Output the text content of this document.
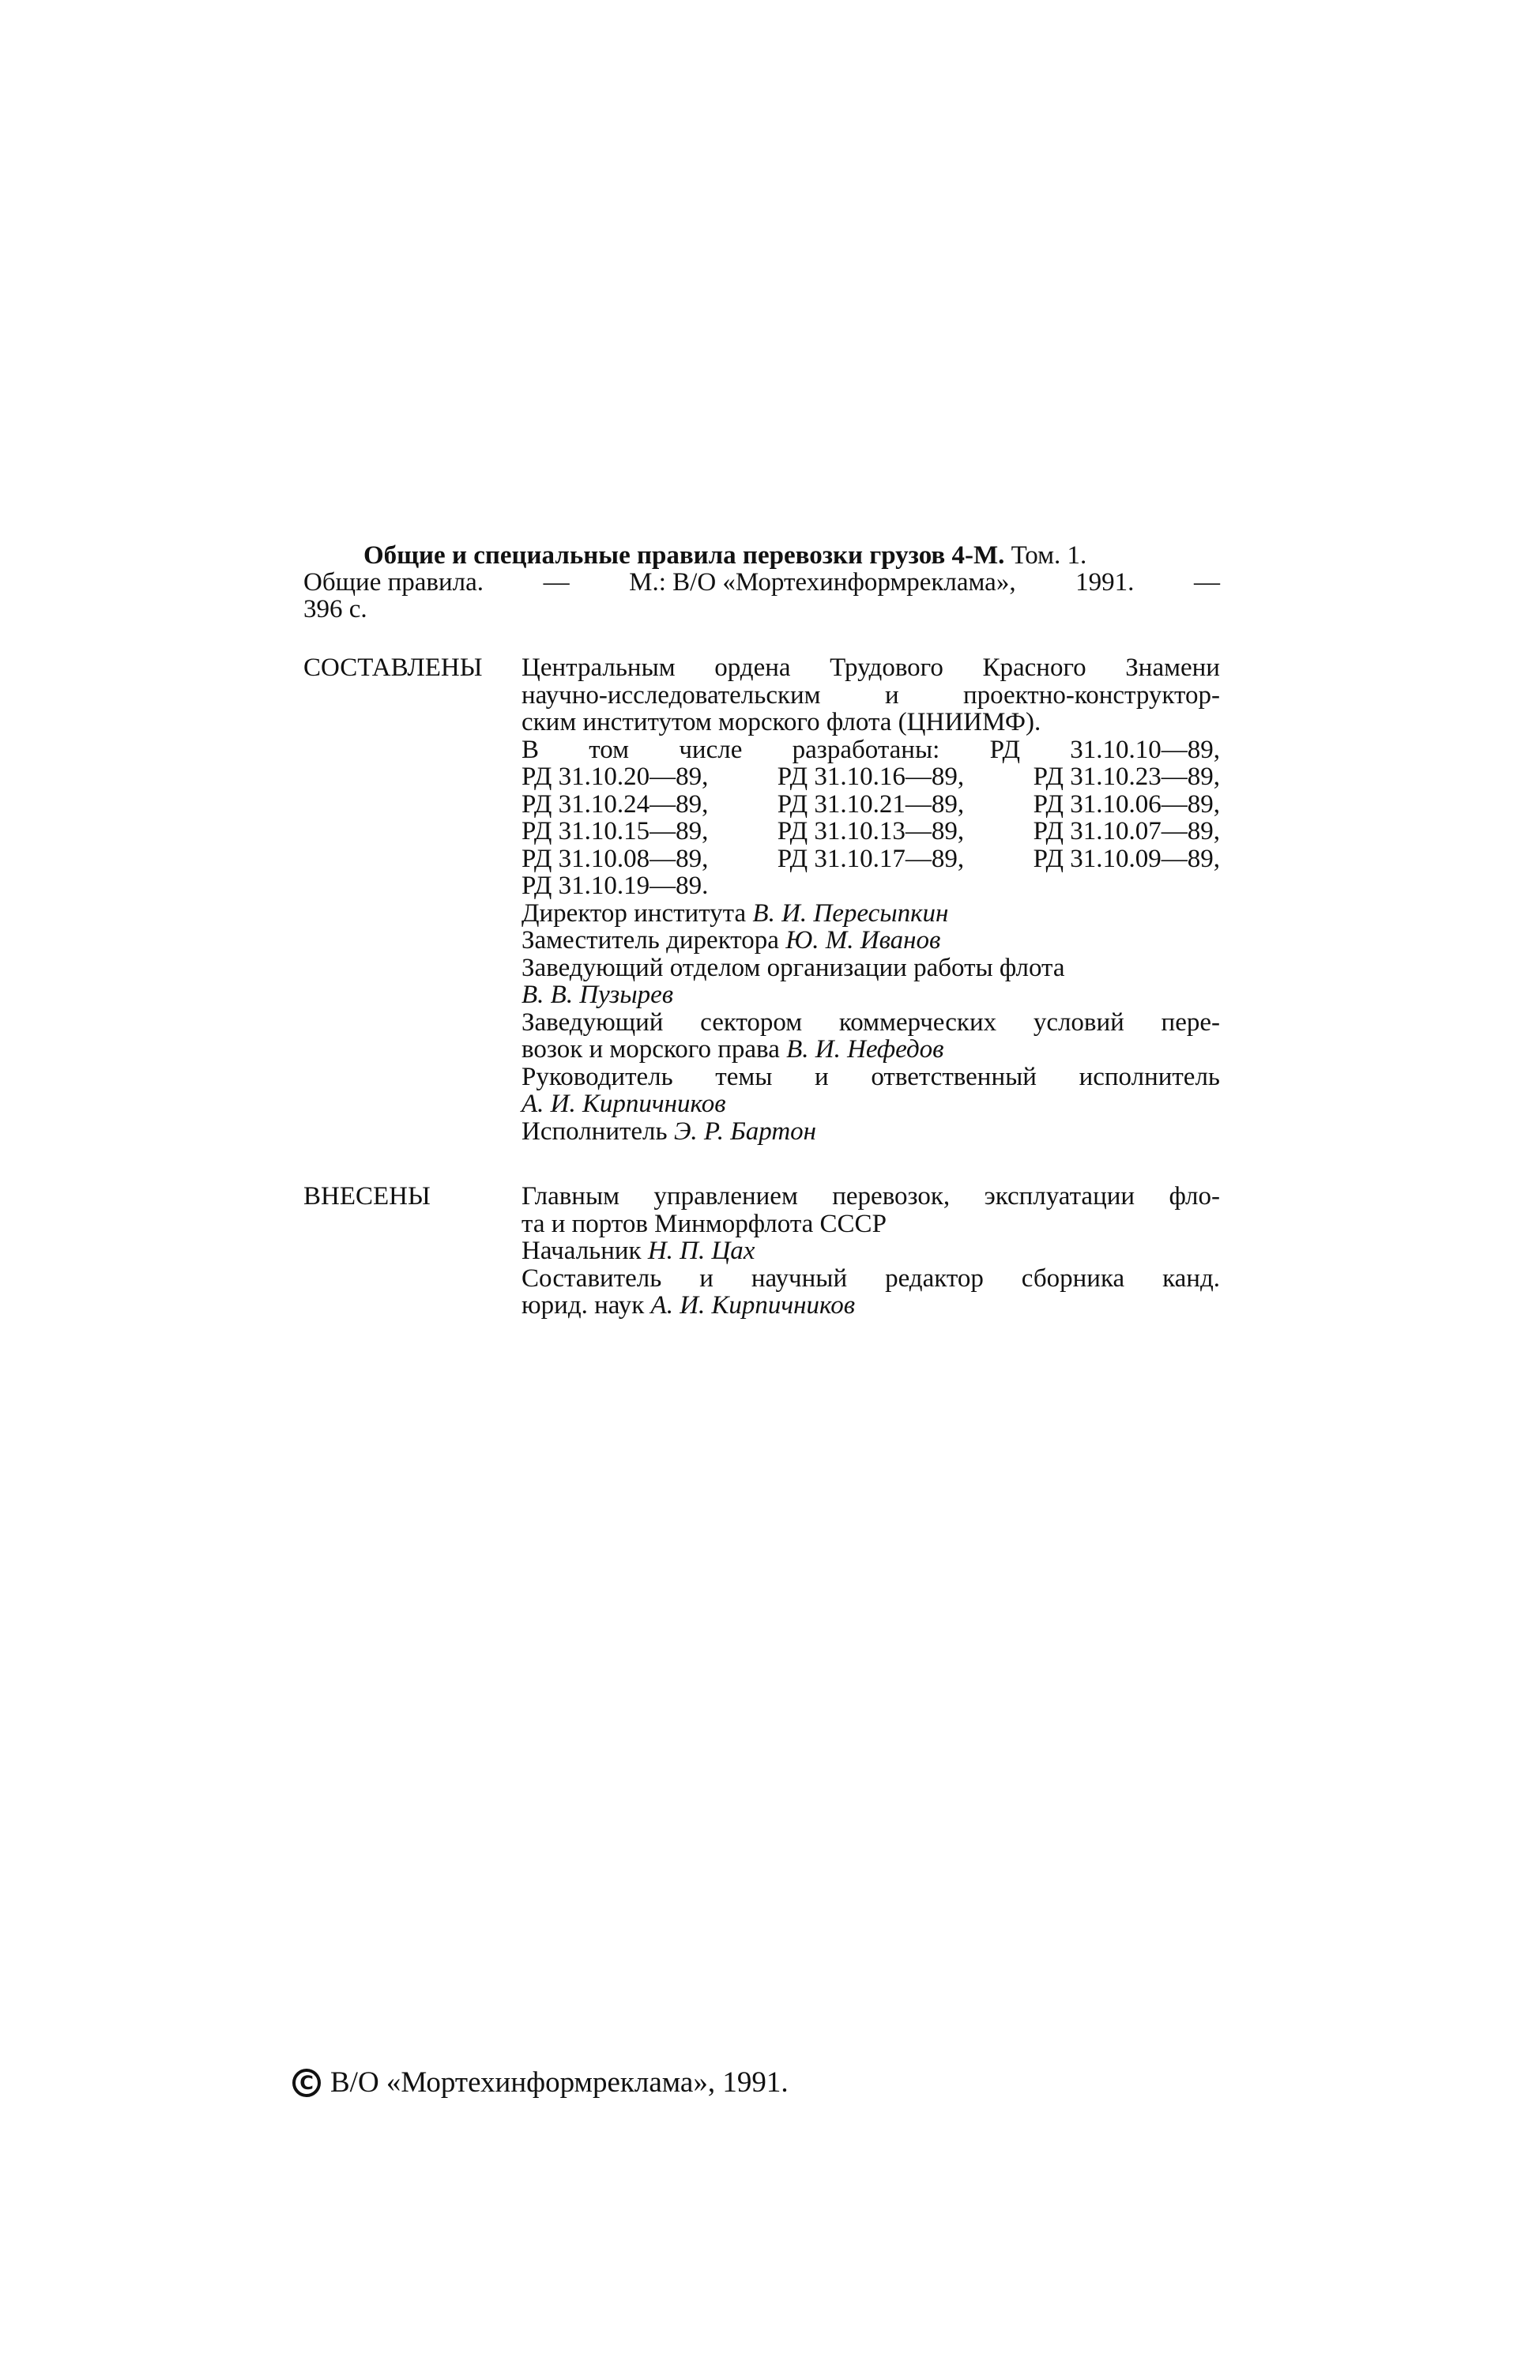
Общие и специальные правила перевозки грузов 4-М. Том. 1.
Общие правила. — М.: В/О «Мортехинформреклама», 1991. —
396 с.
СОСТАВЛЕНЫ Центральным ордена Трудового Красного Знамени
научно-исследовательским и проектно-конструктор-
ским институтом морского флота (ЦНИИМФ).
В том числе разработаны: РД 31.10.10—89,
РД 31.10.20—89,	РД 31.10.16—89,	РД 31.10.23—89,
РД 31.10.24—89,	РД 31.10.21—89,	РД 31.10.06—89,
РД 31.10.15—89,	РД 31.10.13—89,	РД 31.10.07—89,
РД 31.10.08—89,	РД 31.10.17—89,	РД 31.10.09—89,
РД 31.10.19—89.
Директор института В. И. Пересыпкин
Заместитель директора Ю. М. Иванов
Заведующий отделом организации работы флота
В. В. Пузырев
Заведующий сектором коммерческих условий пере-
возок и морского права В. И. Нефедов
Руководитель темы и ответственный исполнитель
А. И. Кирпичников
Исполнитель Э. Р. Бартон
ВНЕСЕНЫ	Главным управлением перевозок, эксплуатации фло-
та и портов Минморфлота СССР
Начальник Н. П. Цах
Составитель и научный редактор сборника канд.
юрид. наук А. И. Кирпичников
C В/О «Мортехинформреклама», 1991.
